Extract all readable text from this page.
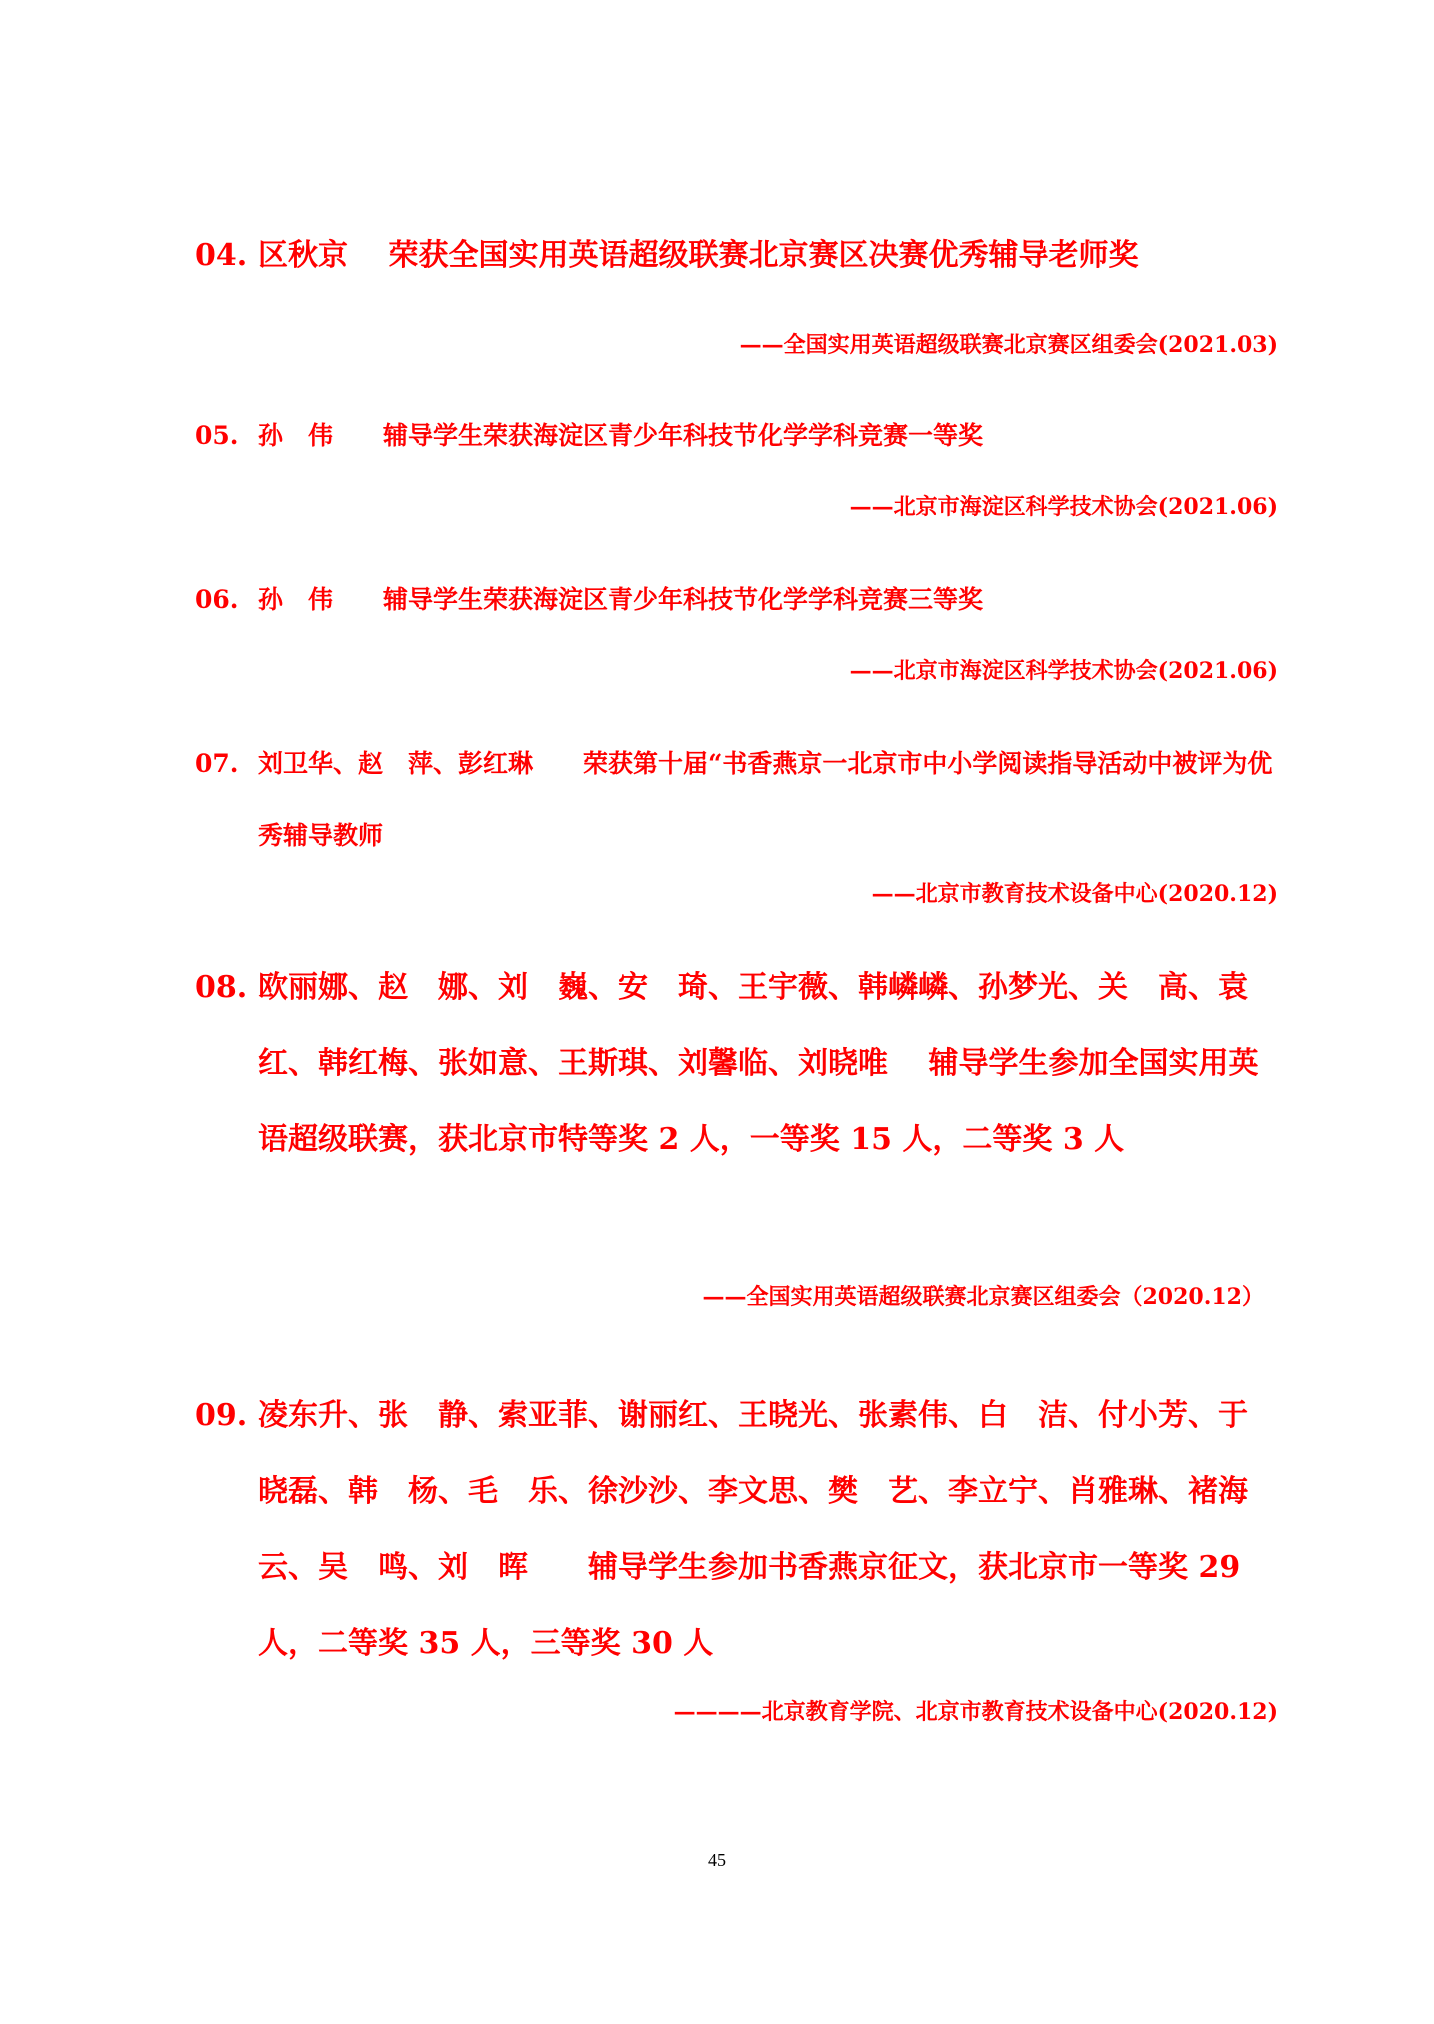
04. 区秋京　 荣获全国实用英语超级联赛北京赛区决赛优秀辅导老师奖
——全国实用英语超级联赛北京赛区组委会(2021.03)
05. 孙　伟　　 辅导学生荣获海淀区青少年科技节化学学科竞赛一等奖
——北京市海淀区科学技术协会(2021.06)
06. 孙　伟　　 辅导学生荣获海淀区青少年科技节化学学科竞赛三等奖
——北京市海淀区科学技术协会(2021.06)
07. 刘卫华、赵　萍、彭红琳　　 荣获第十届“书香燕京一北京市中小学阅读指导活动中被评为优秀辅导教师
——北京市教育技术设备中心(2020.12)
08. 欧丽娜、赵　娜、刘　巍、安　琦、王宇薇、韩嶙嶙、孙梦光、关　高、袁　红、韩红梅、张如意、王斯琪、刘馨临、刘晓唯　 辅导学生参加全国实用英语超级联赛，获北京市特等奖 2 人，一等奖 15 人，二等奖 3 人
——全国实用英语超级联赛北京赛区组委会（2020.12）
09. 凌东升、张　静、索亚菲、谢丽红、王晓光、张素伟、白　洁、付小芳、于晓磊、韩　杨、毛　乐、徐沙沙、李文思、樊　艺、李立宁、肖雅琳、褚海云、吴　鸣、刘　晖　　 辅导学生参加书香燕京征文，获北京市一等奖 29 人，二等奖 35 人，三等奖 30 人
————北京教育学院、北京市教育技术设备中心(2020.12)
45
